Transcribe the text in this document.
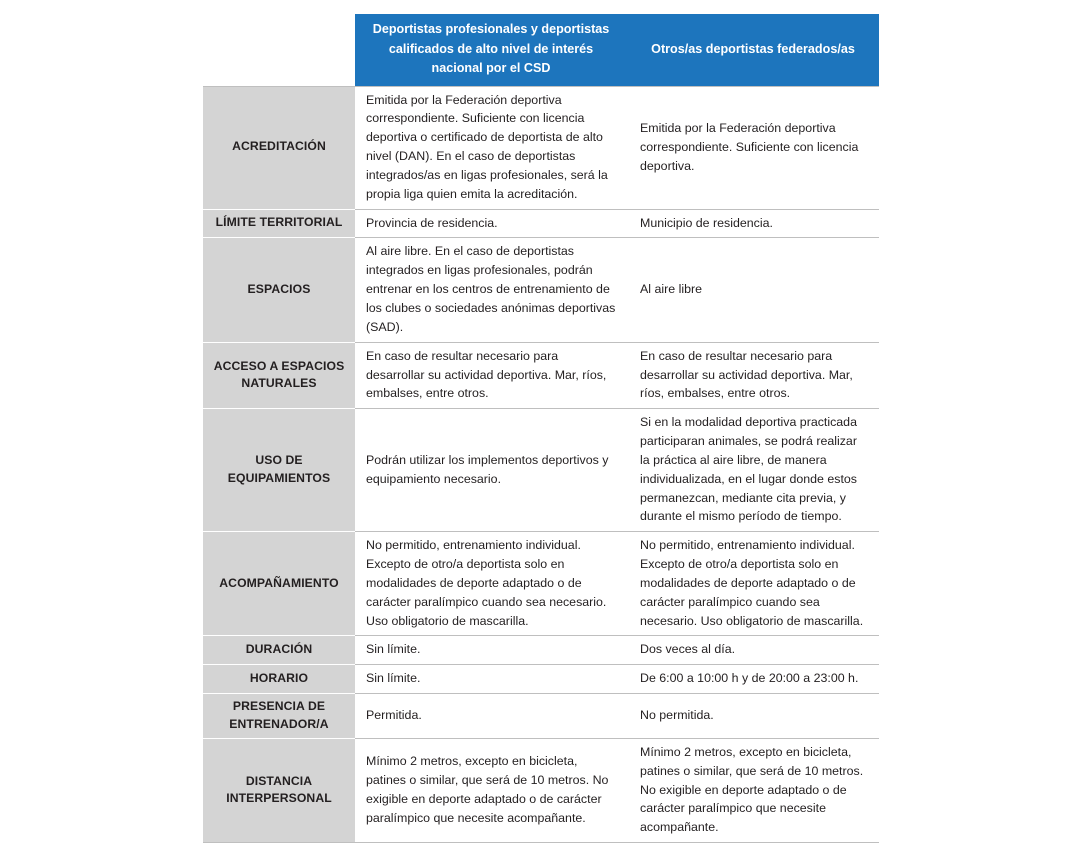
	Deportistas profesionales y deportistas calificados de alto nivel de interés nacional por el CSD	Otros/as deportistas federados/as
ACREDITACIÓN	Emitida por la Federación deportiva correspondiente. Suficiente con licencia deportiva o certificado de deportista de alto nivel (DAN). En el caso de deportistas integrados/as en ligas profesionales, será la propia liga quien emita la acreditación.	Emitida por la Federación deportiva correspondiente. Suficiente con licencia deportiva.
LÍMITE TERRITORIAL	Provincia de residencia.	Municipio de residencia.
ESPACIOS	Al aire libre. En el caso de deportistas integrados en ligas profesionales, podrán entrenar en los centros de entrenamiento de los clubes o sociedades anónimas deportivas (SAD).	Al aire libre
ACCESO A ESPACIOS NATURALES	En caso de resultar necesario para desarrollar su actividad deportiva. Mar, ríos, embalses, entre otros.	En caso de resultar necesario para desarrollar su actividad deportiva. Mar, ríos, embalses, entre otros.
USO DE EQUIPAMIENTOS	Podrán utilizar los implementos deportivos y equipamiento necesario.	Si en la modalidad deportiva practicada participaran animales, se podrá realizar la práctica al aire libre, de manera individualizada, en el lugar donde estos permanezcan, mediante cita previa, y durante el mismo período de tiempo.
ACOMPAÑAMIENTO	No permitido, entrenamiento individual. Excepto de otro/a deportista solo en modalidades de deporte adaptado o de carácter paralímpico cuando sea necesario. Uso obligatorio de mascarilla.	No permitido, entrenamiento individual. Excepto de otro/a deportista solo en modalidades de deporte adaptado o de carácter paralímpico cuando sea necesario. Uso obligatorio de mascarilla.
DURACIÓN	Sin límite.	Dos veces al día.
HORARIO	Sin límite.	De 6:00 a 10:00 h y de 20:00 a 23:00 h.
PRESENCIA DE ENTRENADOR/A	Permitida.	No permitida.
DISTANCIA INTERPERSONAL	Mínimo 2 metros, excepto en bicicleta, patines o similar, que será de 10 metros. No exigible en deporte adaptado o de carácter paralímpico que necesite acompañante.	Mínimo 2 metros, excepto en bicicleta, patines o similar, que será de 10 metros. No exigible en deporte adaptado o de carácter paralímpico que necesite acompañante.
